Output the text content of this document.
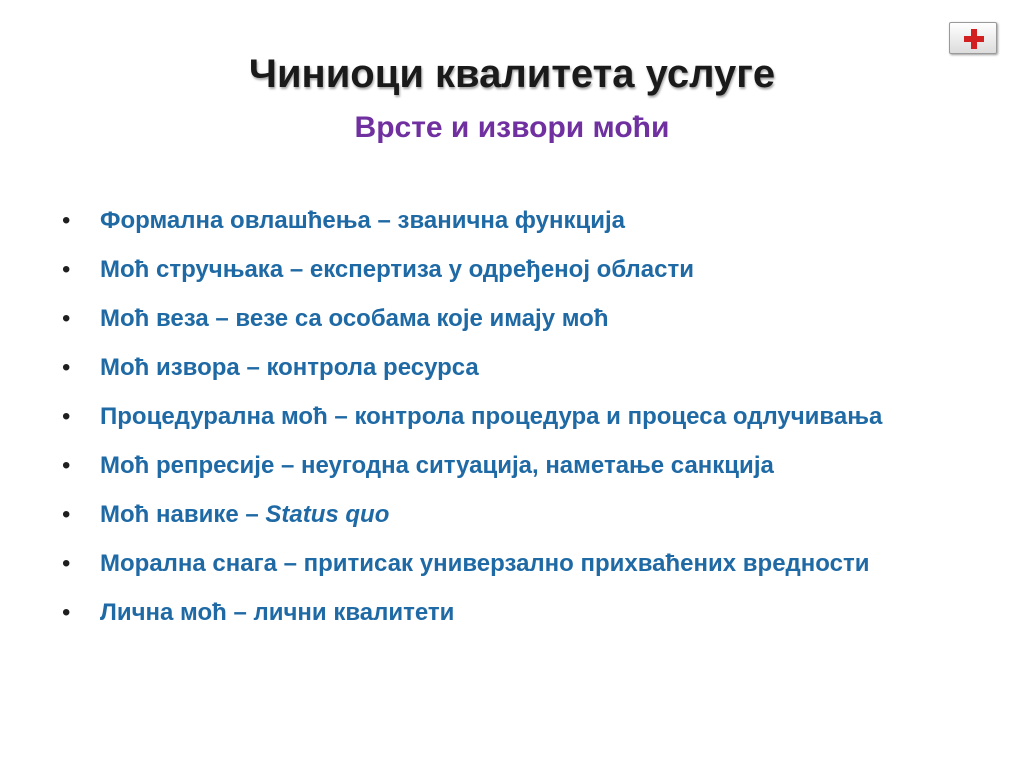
Чиниоци квалитета услуге
Врсте и извори моћи
• Формална овлашћења – званична функција
• Моћ стручњака – експертиза у одређеној области
• Моћ веза – везе са особама које имају моћ
• Моћ извора – контрола ресурса
• Процедурална моћ – контрола процедура и процеса одлучивања
• Моћ репресије – неугодна ситуација, наметање санкција
• Моћ навике – Status quo
• Морална снага – притисак универзално прихваћених вредности
• Лична моћ – лични квалитети
